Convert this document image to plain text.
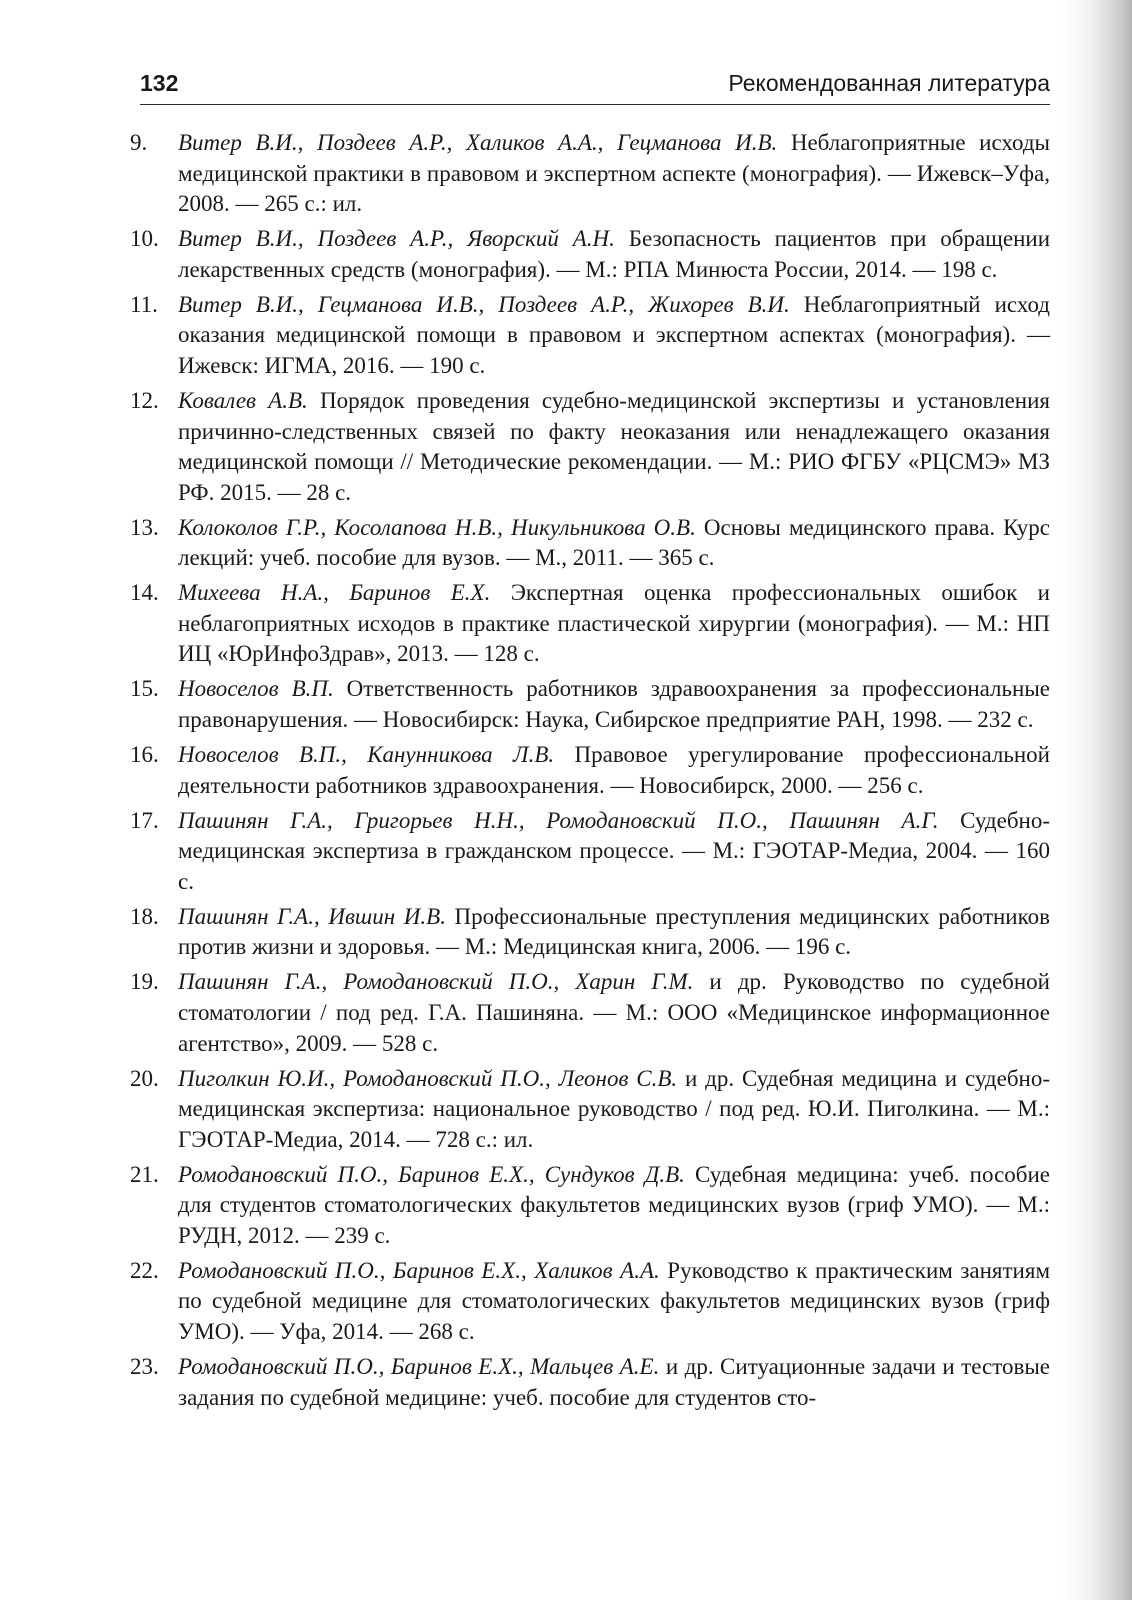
132	Рекомендованная литература
9. Витер В.И., Поздеев А.Р., Халиков А.А., Гецманова И.В. Неблагоприятные исходы медицинской практики в правовом и экспертном аспекте (монография). — Ижевск–Уфа, 2008. — 265 с.: ил.
10. Витер В.И., Поздеев А.Р., Яворский А.Н. Безопасность пациентов при обращении лекарственных средств (монография). — М.: РПА Минюста России, 2014. — 198 с.
11. Витер В.И., Гецманова И.В., Поздеев А.Р., Жихорев В.И. Неблагоприятный исход оказания медицинской помощи в правовом и экспертном аспектах (монография). — Ижевск: ИГМА, 2016. — 190 с.
12. Ковалев А.В. Порядок проведения судебно-медицинской экспертизы и установления причинно-следственных связей по факту неоказания или ненадлежащего оказания медицинской помощи // Методические рекомендации. — М.: РИО ФГБУ «РЦСМЭ» МЗ РФ. 2015. — 28 с.
13. Колоколов Г.Р., Косолапова Н.В., Никульникова О.В. Основы медицинского права. Курс лекций: учеб. пособие для вузов. — М., 2011. — 365 с.
14. Михеева Н.А., Баринов Е.Х. Экспертная оценка профессиональных ошибок и неблагоприятных исходов в практике пластической хирургии (монография). — М.: НП ИЦ «ЮрИнфоЗдрав», 2013. — 128 с.
15. Новоселов В.П. Ответственность работников здравоохранения за профессиональные правонарушения. — Новосибирск: Наука, Сибирское предприятие РАН, 1998. — 232 с.
16. Новоселов В.П., Канунникова Л.В. Правовое урегулирование профессиональной деятельности работников здравоохранения. — Новосибирск, 2000. — 256 с.
17. Пашинян Г.А., Григорьев Н.Н., Ромодановский П.О., Пашинян А.Г. Судебно-медицинская экспертиза в гражданском процессе. — М.: ГЭОТАР-Медиа, 2004. — 160 с.
18. Пашинян Г.А., Ившин И.В. Профессиональные преступления медицинских работников против жизни и здоровья. — М.: Медицинская книга, 2006. — 196 с.
19. Пашинян Г.А., Ромодановский П.О., Харин Г.М. и др. Руководство по судебной стоматологии / под ред. Г.А. Пашиняна. — М.: ООО «Медицинское информационное агентство», 2009. — 528 с.
20. Пиголкин Ю.И., Ромодановский П.О., Леонов С.В. и др. Судебная медицина и судебно-медицинская экспертиза: национальное руководство / под ред. Ю.И. Пиголкина. — М.: ГЭОТАР-Медиа, 2014. — 728 с.: ил.
21. Ромодановский П.О., Баринов Е.Х., Сундуков Д.В. Судебная медицина: учеб. пособие для студентов стоматологических факультетов медицинских вузов (гриф УМО). — М.: РУДН, 2012. — 239 с.
22. Ромодановский П.О., Баринов Е.Х., Халиков А.А. Руководство к практическим занятиям по судебной медицине для стоматологических факультетов медицинских вузов (гриф УМО). — Уфа, 2014. — 268 с.
23. Ромодановский П.О., Баринов Е.Х., Мальцев А.Е. и др. Ситуационные задачи и тестовые задания по судебной медицине: учеб. пособие для студентов сто-
